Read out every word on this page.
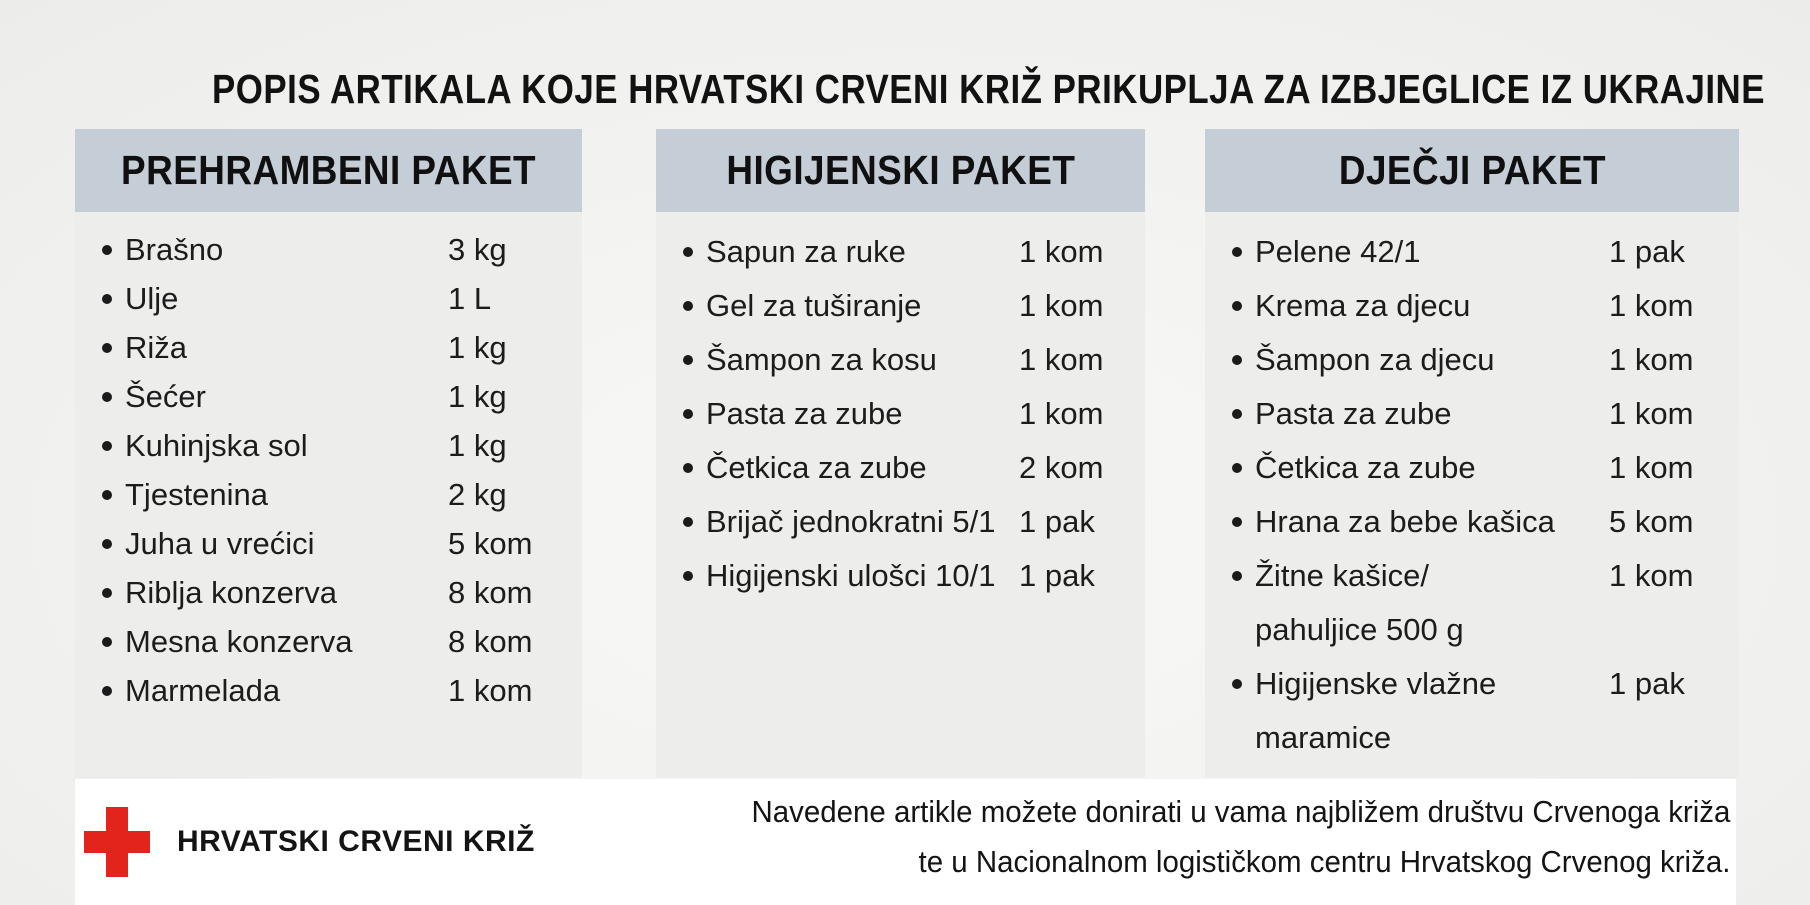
POPIS ARTIKALA KOJE HRVATSKI CRVENI KRIŽ PRIKUPLJA ZA IZBJEGLICE IZ UKRAJINE
PREHRAMBENI PAKET
Brašno	3 kg
Ulje	1 L
Riža	1 kg
Šećer	1 kg
Kuhinjska sol	1 kg
Tjestenina	2 kg
Juha u vrećici	5 kom
Riblja konzerva	8 kom
Mesna konzerva	8 kom
Marmelada	1 kom
HIGIJENSKI PAKET
Sapun za ruke	1 kom
Gel za tuširanje	1 kom
Šampon za kosu	1 kom
Pasta za zube	1 kom
Četkica za zube	2 kom
Brijač jednokratni 5/1 1 pak
Higijenski ulošci 10/1 1 pak
DJEČJI PAKET
Pelene 42/1	1 pak
Krema za djecu	1 kom
Šampon za djecu	1 kom
Pasta za zube	1 kom
Četkica za zube	1 kom
Hrana za bebe kašica	5 kom
Žitne kašice/
pahuljice 500 g
1 kom
Higijenske vlažne
maramice
1 pak
HRVATSKI CRVENI KRIŽ
Navedene artikle možete donirati u vama najbližem društvu Crvenoga križa
te u Nacionalnom logističkom centru Hrvatskog Crvenog križa.
